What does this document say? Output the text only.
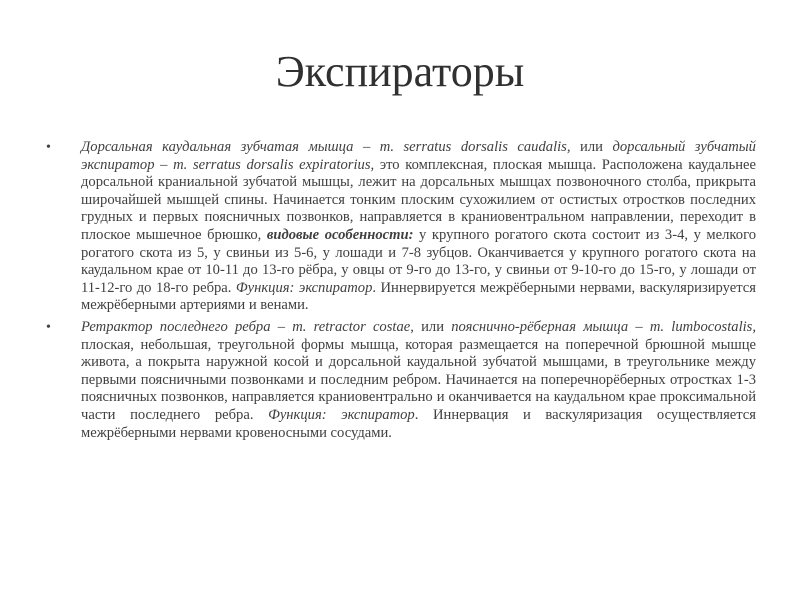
Экспираторы
• Дорсальная каудальная зубчатая мышца – m. serratus dorsalis caudalis, или дорсальный зубчатый экспиратор – m. serratus dorsalis expiratorius, это комплексная, плоская мышца. Расположена каудальнее дорсальной краниальной зубчатой мышцы, лежит на дорсальных мышцах позвоночного столба, прикрыта широчайшей мышцей спины. Начинается тонким плоским сухожилием от остистых отростков последних грудных и первых поясничных позвонков, направляется в краниовентральном направлении, переходит в плоское мышечное брюшко, видовые особенности: у крупного рогатого скота состоит из 3-4, у мелкого рогатого скота из 5, у свиньи из 5-6, у лошади и 7-8 зубцов. Оканчивается у крупного рогатого скота на каудальном крае от 10-11 до 13-го рёбра, у овцы от 9-го до 13-го, у свиньи от 9-10-го до 15-го, у лошади от 11-12-го до 18-го ребра. Функция: экспиратор. Иннервируется межрёберными нервами, васкуляризируется межрёберными артериями и венами.
• Ретрактор последнего ребра – m. retractor costae, или пояснично-рёберная мышца – m. lumbocostalis, плоская, небольшая, треугольной формы мышца, которая размещается на поперечной брюшной мышце живота, а покрыта наружной косой и дорсальной каудальной зубчатой мышцами, в треугольнике между первыми поясничными позвонками и последним ребром. Начинается на поперечнорёберных отростках 1-3 поясничных позвонков, направляется краниовентрально и оканчивается на каудальном крае проксимальной части последнего ребра. Функция: экспиратор. Иннервация и васкуляризация осуществляется межрёберными нервами кровеносными сосудами.
